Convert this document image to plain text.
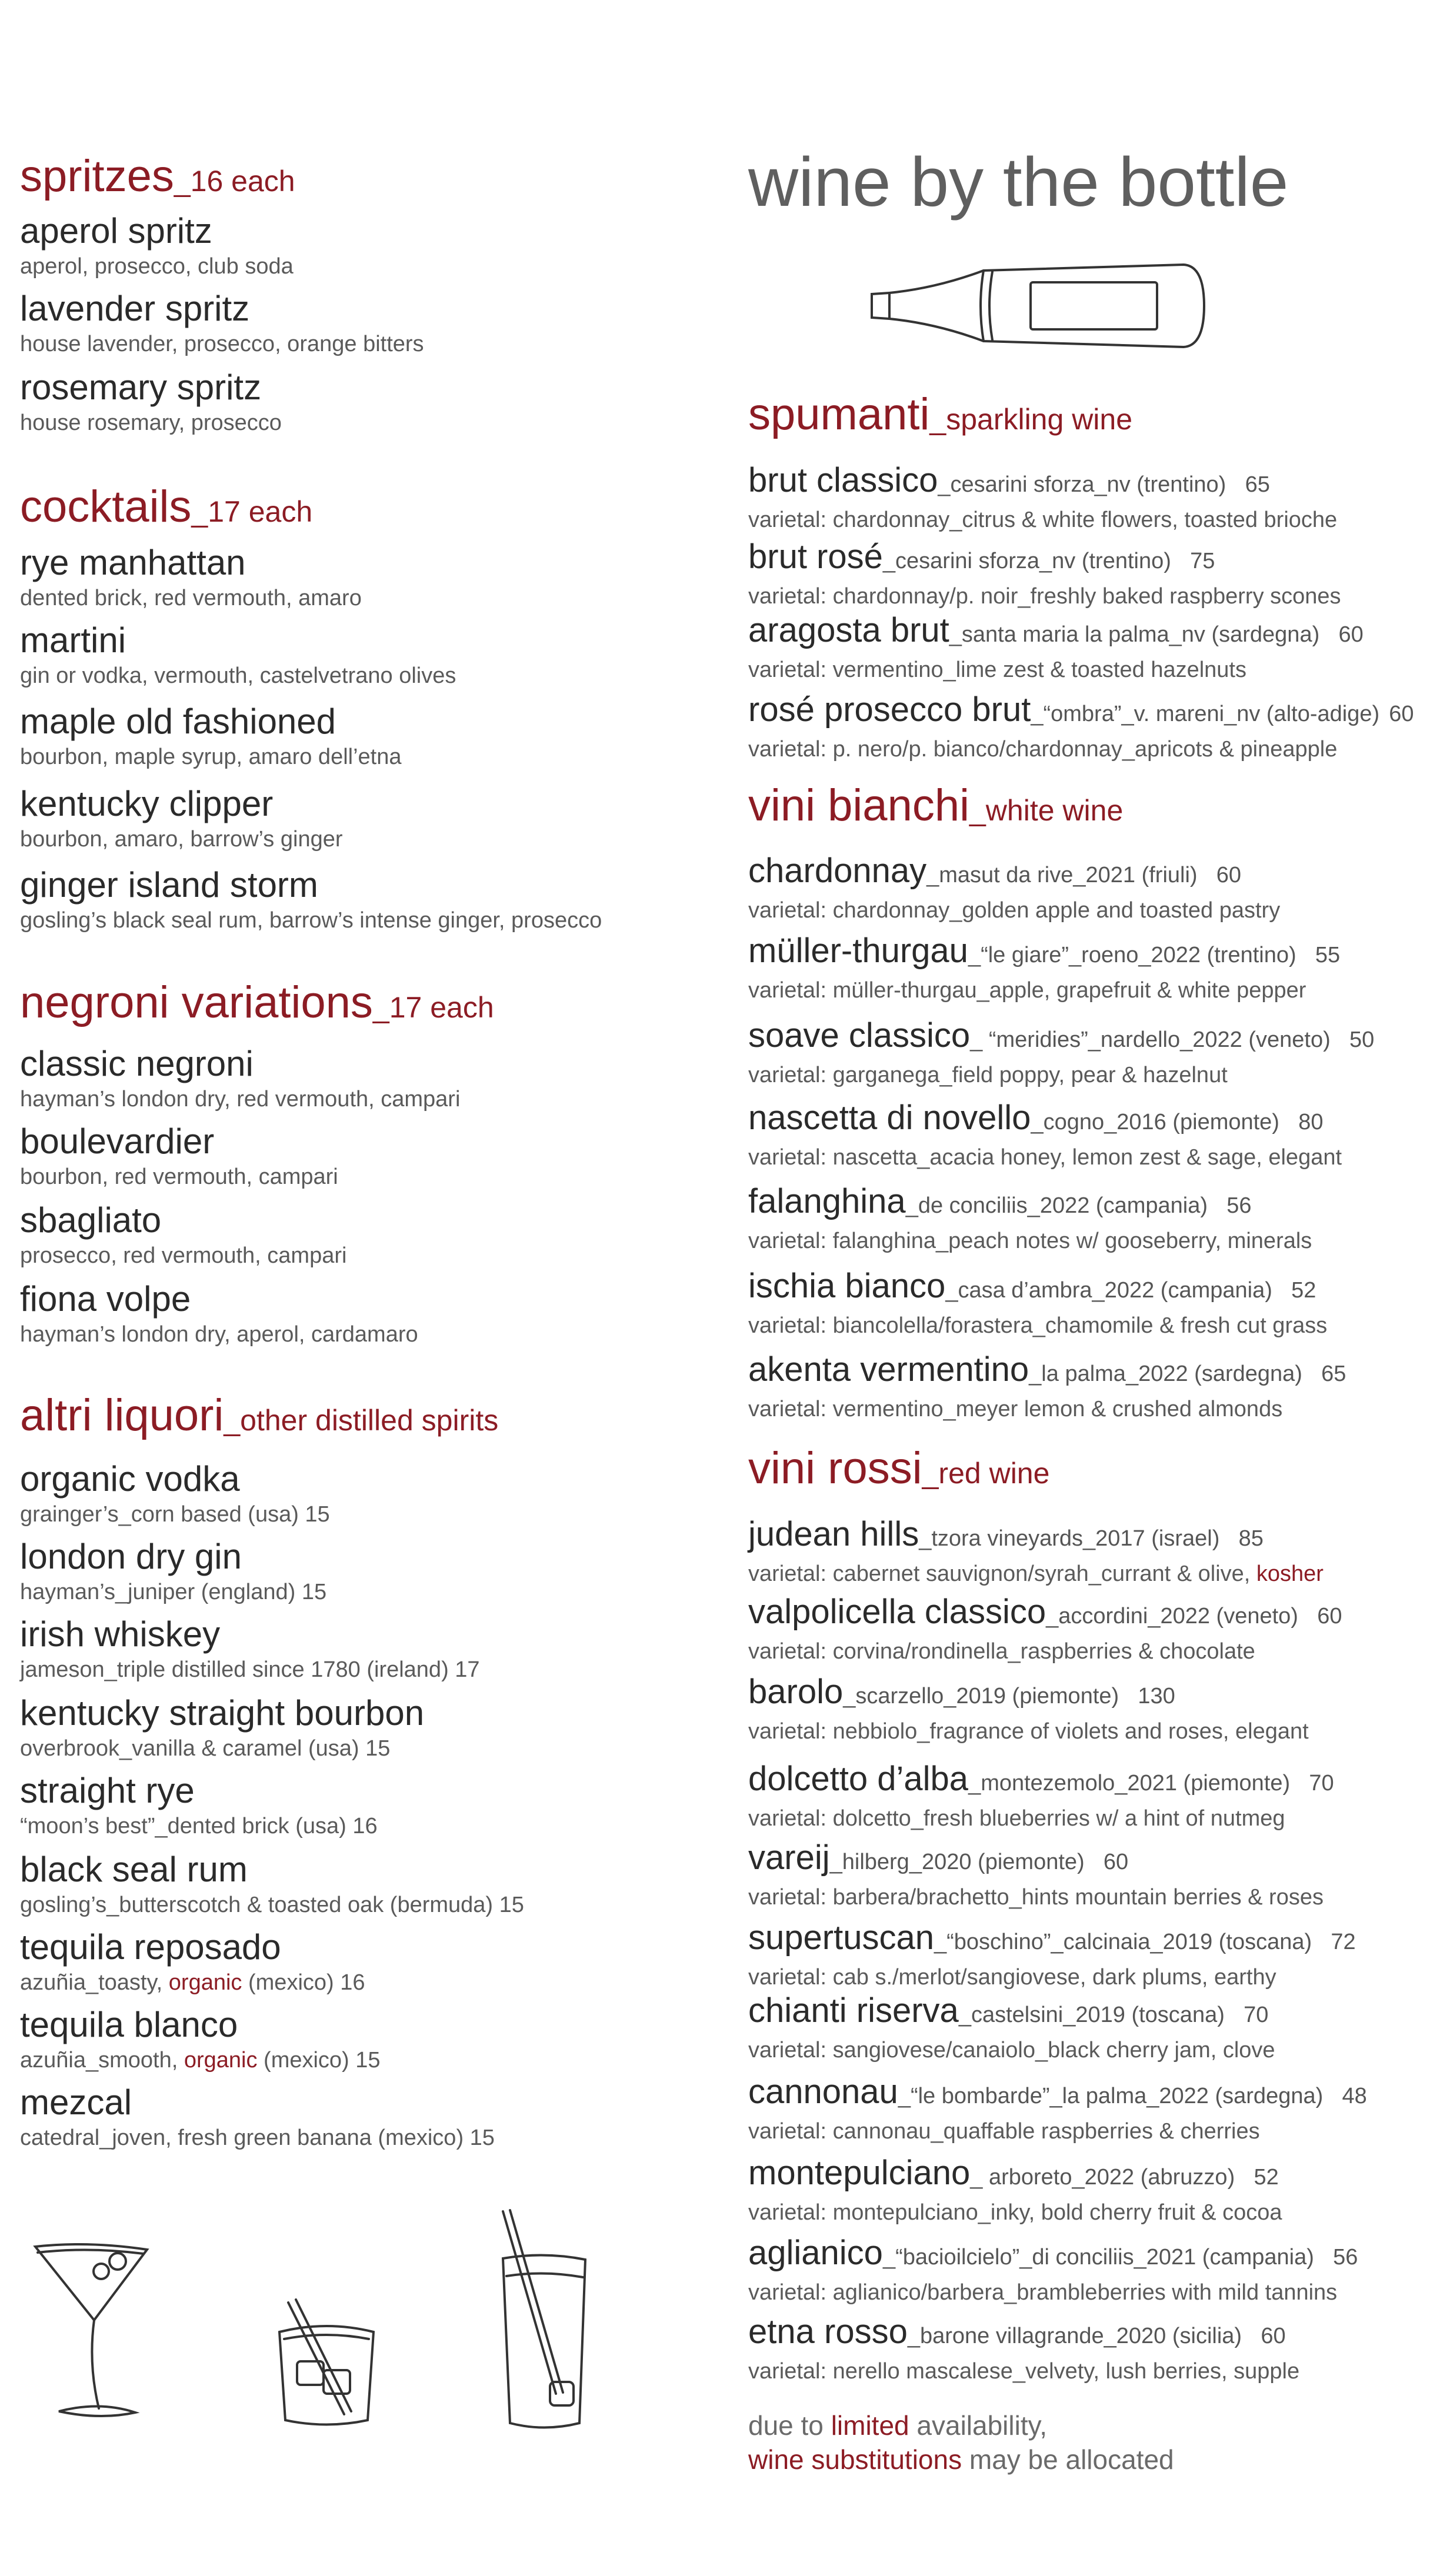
spritzes_16 each
aperol spritz
aperol, prosecco, club soda
lavender spritz
house lavender, prosecco, orange bitters
rosemary spritz
house rosemary, prosecco
cocktails_17 each
rye manhattan
dented brick, red vermouth, amaro
martini
gin or vodka, vermouth, castelvetrano olives
maple old fashioned
bourbon, maple syrup, amaro dell’etna
kentucky clipper
bourbon, amaro, barrow’s ginger
ginger island storm
gosling’s black seal rum, barrow’s intense ginger, prosecco
negroni variations_17 each
classic negroni
hayman’s london dry, red vermouth, campari
boulevardier
bourbon, red vermouth, campari
sbagliato
prosecco, red vermouth, campari
fiona volpe
hayman’s london dry, aperol, cardamaro
altri liquori_other distilled spirits
organic vodka
grainger’s_corn based (usa) 15
london dry gin
hayman’s_juniper (england) 15
irish whiskey
jameson_triple distilled since 1780 (ireland) 17
kentucky straight bourbon
overbrook_vanilla & caramel (usa) 15
straight rye
“moon’s best”_dented brick (usa) 16
black seal rum
gosling’s_butterscotch & toasted oak (bermuda) 15
tequila reposado
azuñia_toasty, organic (mexico) 16
tequila blanco
azuñia_smooth, organic (mexico) 15
mezcal
catedral_joven, fresh green banana (mexico) 15
wine by the bottle
spumanti_sparkling wine
brut classico_cesarini sforza_nv (trentino) 65
varietal: chardonnay_citrus & white flowers, toasted brioche
brut rosé_cesarini sforza_nv (trentino) 75
varietal: chardonnay/p. noir_freshly baked raspberry scones
aragosta brut_santa maria la palma_nv (sardegna) 60
varietal: vermentino_lime zest & toasted hazelnuts
rosé prosecco brut_“ombra”_v. mareni_nv (alto-adige) 60
varietal: p. nero/p. bianco/chardonnay_apricots & pineapple
vini bianchi_white wine
chardonnay_masut da rive_2021 (friuli) 60
varietal: chardonnay_golden apple and toasted pastry
müller-thurgau_“le giare”_roeno_2022 (trentino) 55
varietal: müller-thurgau_apple, grapefruit & white pepper
soave classico_ “meridies”_nardello_2022 (veneto) 50
varietal: garganega_field poppy, pear & hazelnut
nascetta di novello_cogno_2016 (piemonte) 80
varietal: nascetta_acacia honey, lemon zest & sage, elegant
falanghina_de conciliis_2022 (campania) 56
varietal: falanghina_peach notes w/ gooseberry, minerals
ischia bianco_casa d’ambra_2022 (campania) 52
varietal: biancolella/forastera_chamomile & fresh cut grass
akenta vermentino_la palma_2022 (sardegna) 65
varietal: vermentino_meyer lemon & crushed almonds
vini rossi_red wine
judean hills_tzora vineyards_2017 (israel) 85
varietal: cabernet sauvignon/syrah_currant & olive, kosher
valpolicella classico_accordini_2022 (veneto) 60
varietal: corvina/rondinella_raspberries & chocolate
barolo_scarzello_2019 (piemonte) 130
varietal: nebbiolo_fragrance of violets and roses, elegant
dolcetto d’alba_montezemolo_2021 (piemonte) 70
varietal: dolcetto_fresh blueberries w/ a hint of nutmeg
vareij_hilberg_2020 (piemonte) 60
varietal: barbera/brachetto_hints mountain berries & roses
supertuscan_“boschino”_calcinaia_2019 (toscana) 72
varietal: cab s./merlot/sangiovese, dark plums, earthy
chianti riserva_castelsini_2019 (toscana) 70
varietal: sangiovese/canaiolo_black cherry jam, clove
cannonau_“le bombarde”_la palma_2022 (sardegna) 48
varietal: cannonau_quaffable raspberries & cherries
montepulciano_ arboreto_2022 (abruzzo) 52
varietal: montepulciano_inky, bold cherry fruit & cocoa
aglianico_“bacioilcielo”_di conciliis_2021 (campania) 56
varietal: aglianico/barbera_brambleberries with mild tannins
etna rosso_barone villagrande_2020 (sicilia) 60
varietal: nerello mascalese_velvety, lush berries, supple
due to limited availability,
wine substitutions may be allocated
